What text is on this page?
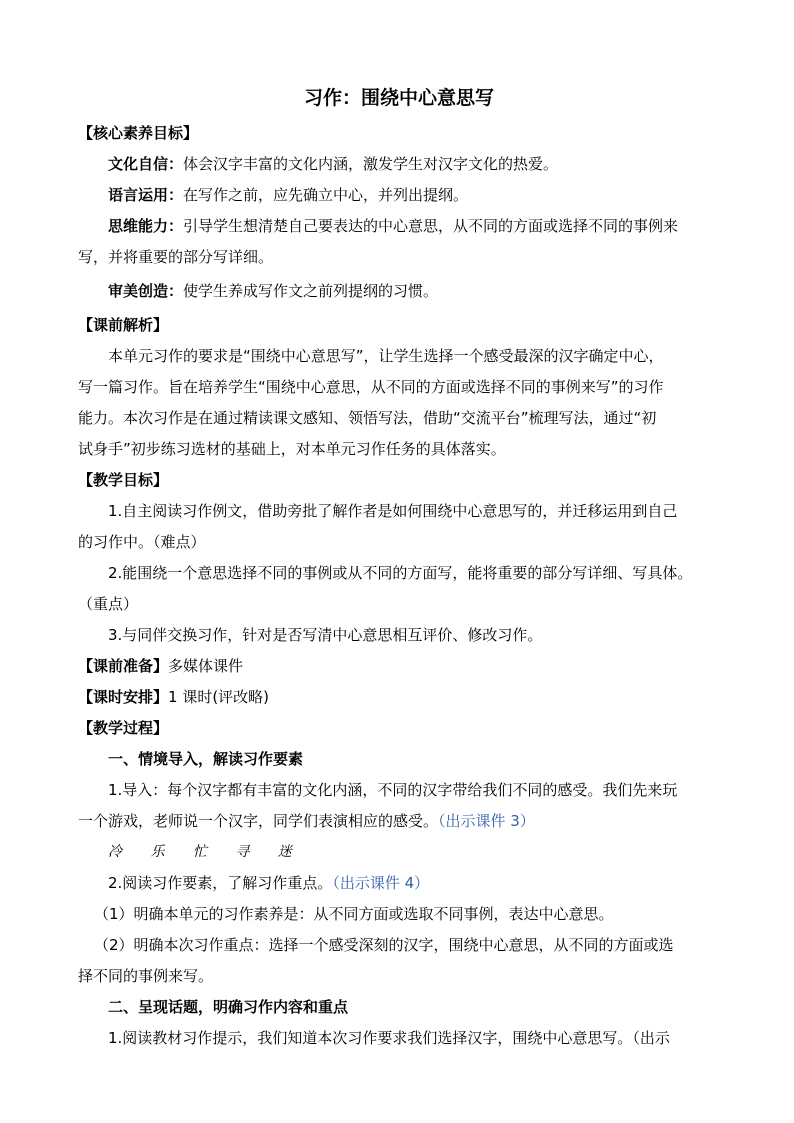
习作：围绕中心意思写
【核心素养目标】
文化自信：体会汉字丰富的文化内涵，激发学生对汉字文化的热爱。
语言运用：在写作之前，应先确立中心，并列出提纲。
思维能力：引导学生想清楚自己要表达的中心意思，从不同的方面或选择不同的事例来
写，并将重要的部分写详细。
审美创造：使学生养成写作文之前列提纲的习惯。
【课前解析】
本单元习作的要求是“围绕中心意思写”，让学生选择一个感受最深的汉字确定中心，
写一篇习作。旨在培养学生“围绕中心意思，从不同的方面或选择不同的事例来写”的习作
能力。本次习作是在通过精读课文感知、领悟写法，借助“交流平台”梳理写法，通过“初
试身手”初步练习选材的基础上，对本单元习作任务的具体落实。
【教学目标】
1.自主阅读习作例文，借助旁批了解作者是如何围绕中心意思写的，并迁移运用到自己
的习作中。（难点）
2.能围绕一个意思选择不同的事例或从不同的方面写，能将重要的部分写详细、写具体。
（重点）
3.与同伴交换习作，针对是否写清中心意思相互评价、修改习作。
【课前准备】多媒体课件
【课时安排】1 课时(评改略)
【教学过程】
一、情境导入，解读习作要素
1.导入：每个汉字都有丰富的文化内涵，不同的汉字带给我们不同的感受。我们先来玩
一个游戏，老师说一个汉字，同学们表演相应的感受。（出示课件 3）
冷 乐 忙 寻 迷
2.阅读习作要素，了解习作重点。（出示课件 4）
（1）明确本单元的习作素养是：从不同方面或选取不同事例，表达中心意思。
（2）明确本次习作重点：选择一个感受深刻的汉字，围绕中心意思，从不同的方面或选
择不同的事例来写。
二、呈现话题，明确习作内容和重点
1.阅读教材习作提示，我们知道本次习作要求我们选择汉字，围绕中心意思写。（出示
